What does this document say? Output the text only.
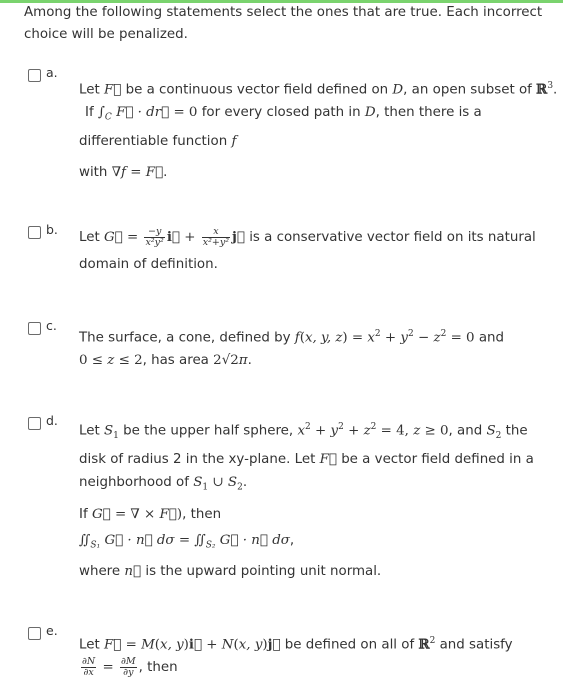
Among the following statements select the ones that are true. Each incorrect choice will be penalized.
a.
Let F⃗ be a continuous vector field defined on D, an open subset of ℝ$^3$.
If $\int_C$ F⃗ · dr⃗ = 0 for every closed path in D, then there is a
differentiable function f
with ∇f = F⃗.
b.
Let G⃗ = $\frac{-y}{\text{x²y²}}$ i⃗ + $\frac{x}{\text{x²+y²}}$ j⃗ is a conservative vector field on its natural
domain of definition.
c.
The surface, a cone, defined by f(x, y, $z) = x^2 + y^2 - z^2 = 0$ and
0 ≤ z ≤ 2, has area 2√2π.
d.
Let $S_1$ be the upper half sphere, $x^2 + y^2 + z^2 = 4$, z ≥ 0, and $S_2$ the
disk of radius 2 in the xy-plane. Let F⃗ be a vector field defined in a
neighborhood of $S_1$ ∪ $S_2$.
If G⃗ = ∇ × F⃗), then
$∬_{S_1}$ G⃗ · n⃗ $d\sigma = ∬_{S_2}$ G⃗ · n⃗ dσ,
where n⃗ is the upward pointing unit normal.
e.
Let F⃗ = M(x, y)i⃗ + N(x, y)j⃗ be defined on all of ℝ$^2$ and satisfy
$\frac{\partial N}{\partial x} = \frac{\partial M}{\partial y}$ , then
